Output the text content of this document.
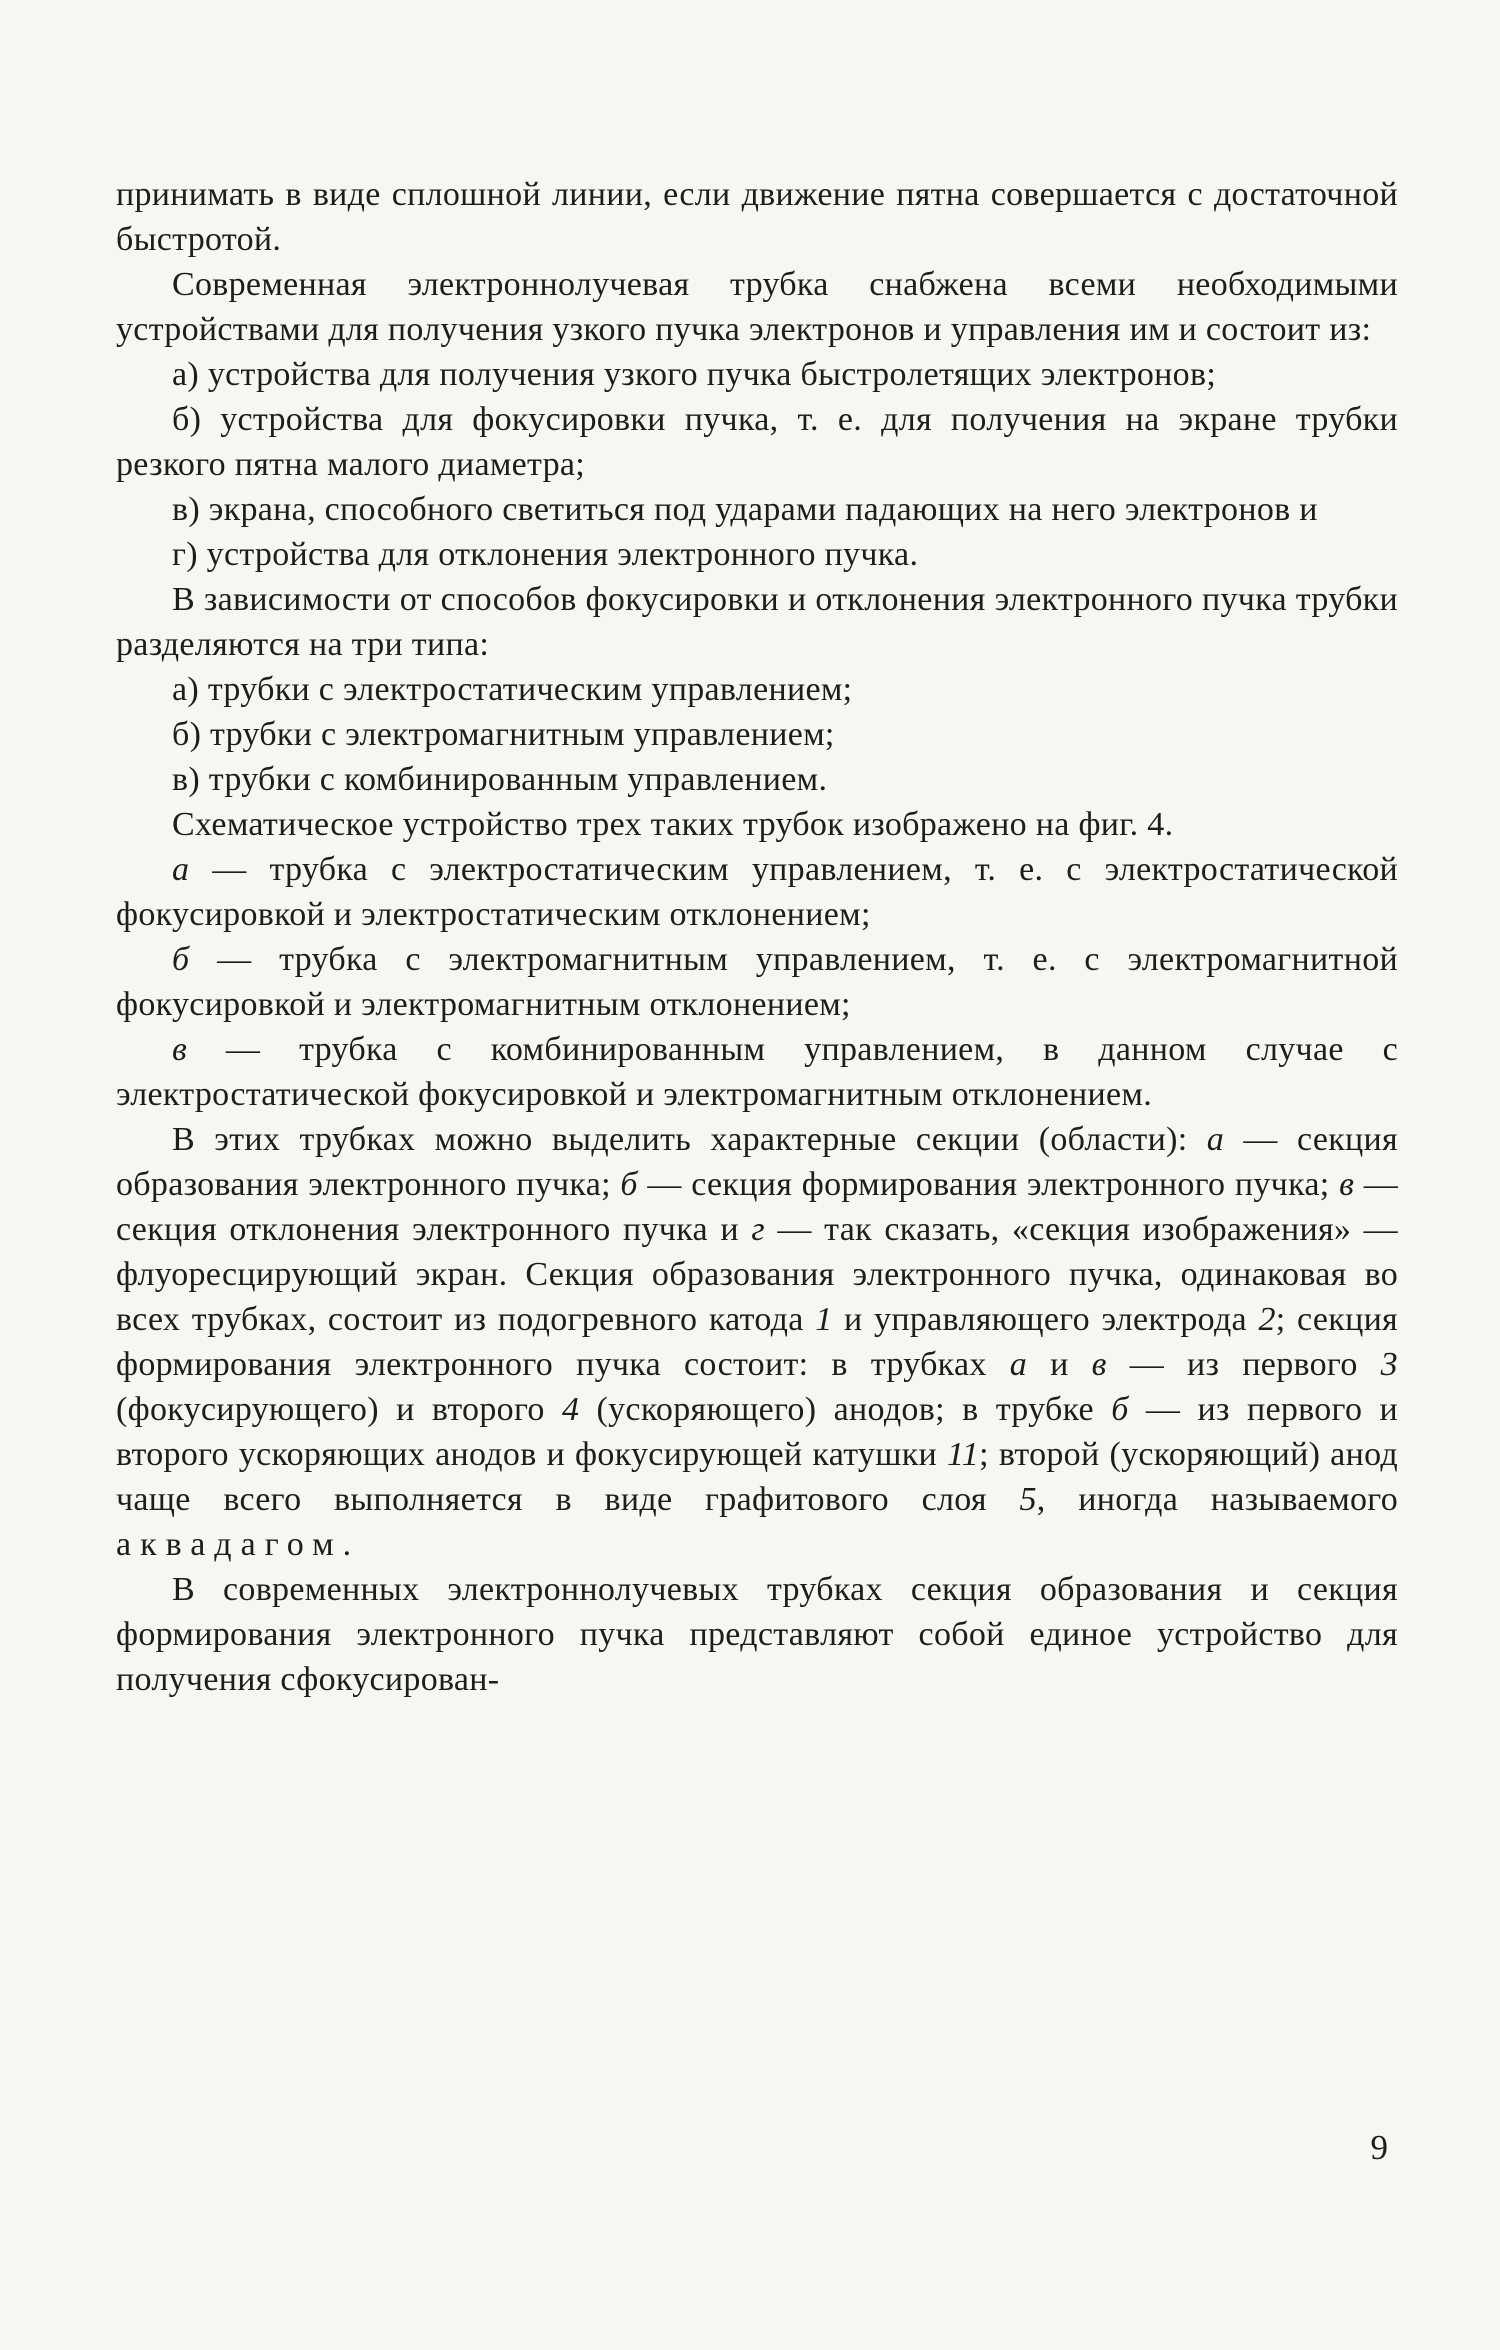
принимать в виде сплошной линии, если движение пятна совершается с достаточной быстротой.

Современная электроннолучевая трубка снабжена всеми необходимыми устройствами для получения узкого пучка электронов и управления им и состоит из:

а) устройства для получения узкого пучка быстролетящих электронов;

б) устройства для фокусировки пучка, т. е. для получения на экране трубки резкого пятна малого диаметра;

в) экрана, способного светиться под ударами падающих на него электронов и

г) устройства для отклонения электронного пучка.

В зависимости от способов фокусировки и отклонения электронного пучка трубки разделяются на три типа:

а) трубки с электростатическим управлением;

б) трубки с электромагнитным управлением;

в) трубки с комбинированным управлением.

Схематическое устройство трех таких трубок изображено на фиг. 4.

а — трубка с электростатическим управлением, т. е. с электростатической фокусировкой и электростатическим отклонением;

б — трубка с электромагнитным управлением, т. е. с электромагнитной фокусировкой и электромагнитным отклонением;

в — трубка с комбинированным управлением, в данном случае с электростатической фокусировкой и электромагнитным отклонением.

В этих трубках можно выделить характерные секции (области): а — секция образования электронного пучка; б — секция формирования электронного пучка; в — секция отклонения электронного пучка и г — так сказать, «секция изображения» — флуоресцирующий экран. Секция образования электронного пучка, одинаковая во всех трубках, состоит из подогревного катода 1 и управляющего электрода 2; секция формирования электронного пучка состоит: в трубках а и в — из первого 3 (фокусирующего) и второго 4 (ускоряющего) анодов; в трубке б — из первого и второго ускоряющих анодов и фокусирующей катушки 11; второй (ускоряющий) анод чаще всего выполняется в виде графитового слоя 5, иногда называемого аквадагом.

В современных электроннолучевых трубках секция образования и секция формирования электронного пучка представляют собой единое устройство для получения сфокусирован-

9
